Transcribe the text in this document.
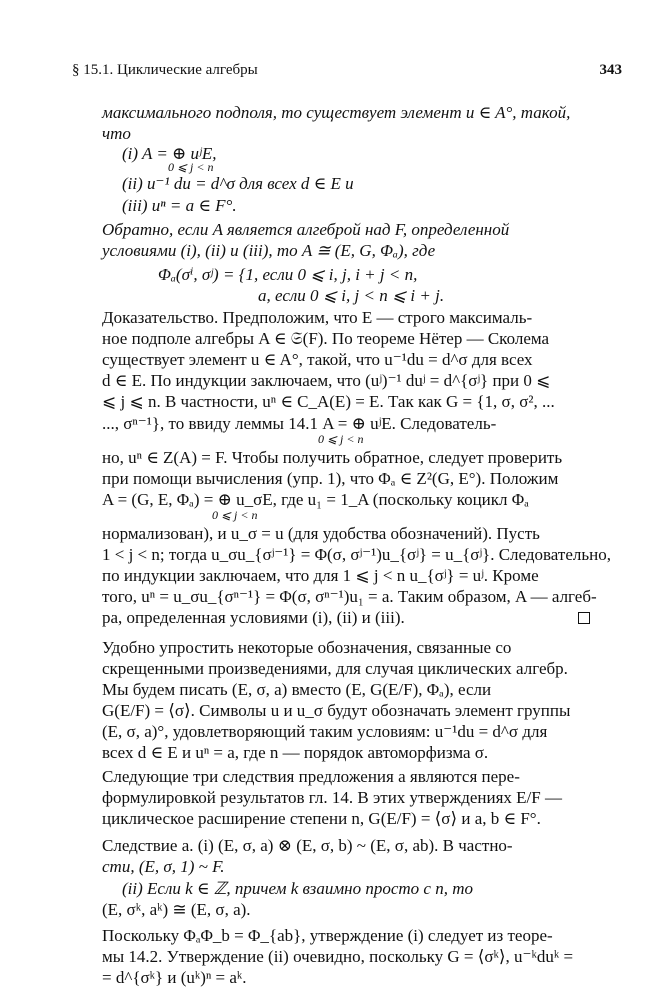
§ 15.1. Циклические алгебры	343
максимального подполя, то существует элемент u ∈ A°, такой,
что
(i) A = ⊕ uʲE,
0 ⩽ j < n
(ii) u⁻¹ du = d^σ для всех d ∈ E и
(iii) uⁿ = a ∈ F°.
Обратно, если A является алгеброй над F, определенной
условиями (i), (ii) и (iii), то A ≅ (E, G, Φₐ), где
Φₐ(σⁱ, σʲ) = {1, если 0 ⩽ i, j, i + j < n,
a, если 0 ⩽ i, j < n ⩽ i + j.
Доказательство. Предположим, что E — строго максималь-
ное подполе алгебры A ∈ 𝔖(F). По теореме Нётер — Сколема
существует элемент u ∈ A°, такой, что u⁻¹du = d^σ для всех
d ∈ E. По индукции заключаем, что (uʲ)⁻¹ duʲ = d^{σʲ} при 0 ⩽
⩽ j ⩽ n. В частности, uⁿ ∈ C_A(E) = E. Так как G = {1, σ, σ², ...
..., σⁿ⁻¹}, то ввиду леммы 14.1 A = ⊕ uʲE. Следователь-
0 ⩽ j < n
но, uⁿ ∈ Z(A) = F. Чтобы получить обратное, следует проверить
при помощи вычисления (упр. 1), что Φₐ ∈ Z²(G, E°). Положим
A = (G, E, Φₐ) = ⊕ u_σE, где u₁ = 1_A (поскольку коцикл Φₐ
0 ⩽ j < n
нормализован), и u_σ = u (для удобства обозначений). Пусть
1 < j < n; тогда u_σu_{σʲ⁻¹} = Φ(σ, σʲ⁻¹)u_{σʲ} = u_{σʲ}. Следовательно,
по индукции заключаем, что для 1 ⩽ j < n u_{σʲ} = uʲ. Кроме
того, uⁿ = u_σu_{σⁿ⁻¹} = Φ(σ, σⁿ⁻¹)u₁ = a. Таким образом, A — алгеб-
ра, определенная условиями (i), (ii) и (iii).
Удобно упростить некоторые обозначения, связанные со
скрещенными произведениями, для случая циклических алгебр.
Мы будем писать (E, σ, a) вместо (E, G(E/F), Φₐ), если
G(E/F) = ⟨σ⟩. Символы u и u_σ будут обозначать элемент группы
(E, σ, a)°, удовлетворяющий таким условиям: u⁻¹du = d^σ для
всех d ∈ E и uⁿ = a, где n — порядок автоморфизма σ.
Следующие три следствия предложения a являются пере-
формулировкой результатов гл. 14. В этих утверждениях E/F —
циклическое расширение степени n, G(E/F) = ⟨σ⟩ и a, b ∈ F°.
Следствие a. (i) (E, σ, a) ⊗ (E, σ, b) ~ (E, σ, ab). В частно-
сти, (E, σ, 1) ~ F.
(ii) Если k ∈ ℤ, причем k взаимно просто с n, то
(E, σᵏ, aᵏ) ≅ (E, σ, a).
Поскольку ΦₐΦ_b = Φ_{ab}, утверждение (i) следует из теоре-
мы 14.2. Утверждение (ii) очевидно, поскольку G = ⟨σᵏ⟩, u⁻ᵏduᵏ =
= d^{σᵏ} и (uᵏ)ⁿ = aᵏ.
